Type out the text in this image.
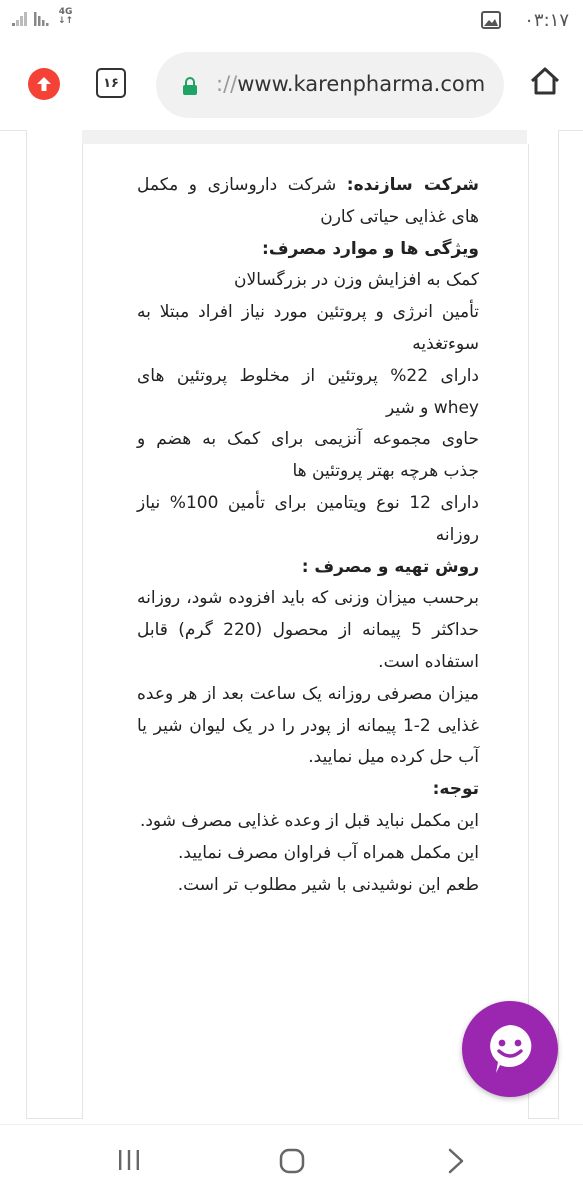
4G
↓↑	۰۳:۱۷
۱۶	://www.karenpharma.com

شرکت سازنده: شرکت داروسازی و مکمل های غذایی حیاتی کارن

ویژگی ها و موارد مصرف:

کمک به افزایش وزن در بزرگسالان

تأمین انرژی و پروتئین مورد نیاز افراد مبتلا به سوءتغذیه

دارای 22% پروتئین از مخلوط پروتئین های whey و شیر

حاوی مجموعه آنزیمی برای کمک به هضم و جذب هرچه بهتر پروتئین ها

دارای 12 نوع ویتامین برای تأمین 100% نیاز روزانه

روش تهیه و مصرف :

برحسب میزان وزنی که باید افزوده شود، روزانه حداکثر 5 پیمانه از محصول (220 گرم) قابل استفاده است.

میزان مصرفی روزانه یک ساعت بعد از هر وعده غذایی 2-1 پیمانه از پودر را در یک لیوان شیر یا آب حل کرده میل نمایید.

توجه:

این مکمل نباید قبل از وعده غذایی مصرف شود.

این مکمل همراه آب فراوان مصرف نمایید.

طعم این نوشیدنی با شیر مطلوب تر است.
